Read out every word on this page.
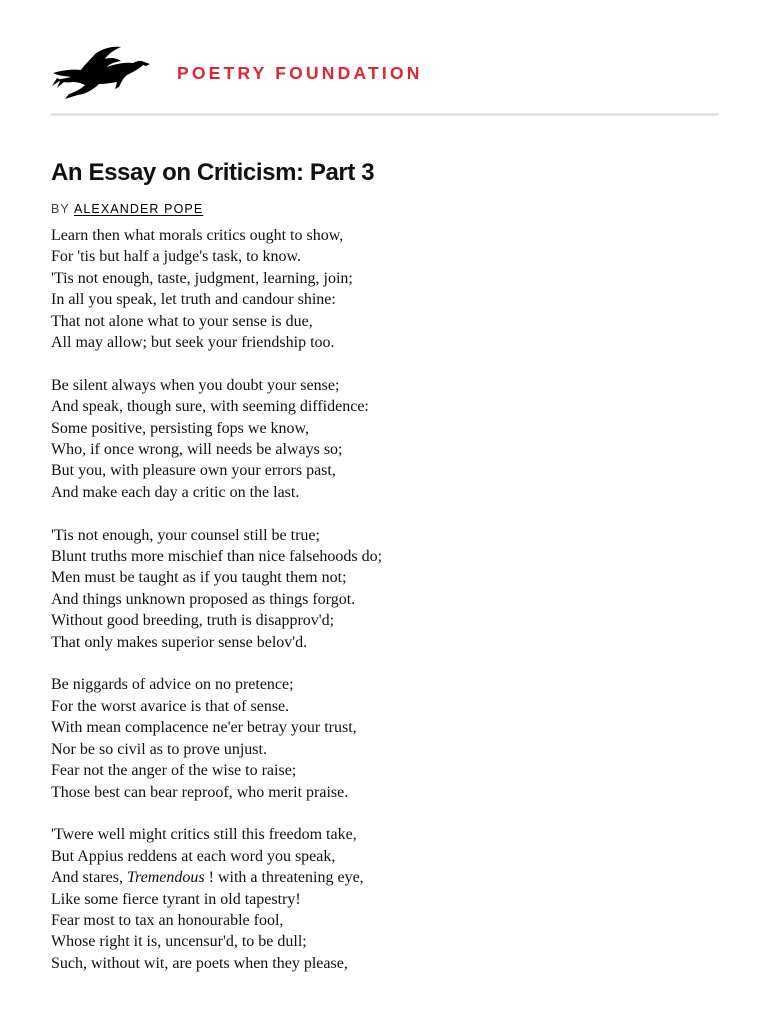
POETRY FOUNDATION
An Essay on Criticism: Part 3
BY ALEXANDER POPE
Learn then what morals critics ought to show,
For 'tis but half a judge's task, to know.
'Tis not enough, taste, judgment, learning, join;
In all you speak, let truth and candour shine:
That not alone what to your sense is due,
All may allow; but seek your friendship too.
Be silent always when you doubt your sense;
And speak, though sure, with seeming diffidence:
Some positive, persisting fops we know,
Who, if once wrong, will needs be always so;
But you, with pleasure own your errors past,
And make each day a critic on the last.
'Tis not enough, your counsel still be true;
Blunt truths more mischief than nice falsehoods do;
Men must be taught as if you taught them not;
And things unknown proposed as things forgot.
Without good breeding, truth is disapprov'd;
That only makes superior sense belov'd.
Be niggards of advice on no pretence;
For the worst avarice is that of sense.
With mean complacence ne'er betray your trust,
Nor be so civil as to prove unjust.
Fear not the anger of the wise to raise;
Those best can bear reproof, who merit praise.
'Twere well might critics still this freedom take,
But Appius reddens at each word you speak,
And stares, Tremendous ! with a threatening eye,
Like some fierce tyrant in old tapestry!
Fear most to tax an honourable fool,
Whose right it is, uncensur'd, to be dull;
Such, without wit, are poets when they please,
